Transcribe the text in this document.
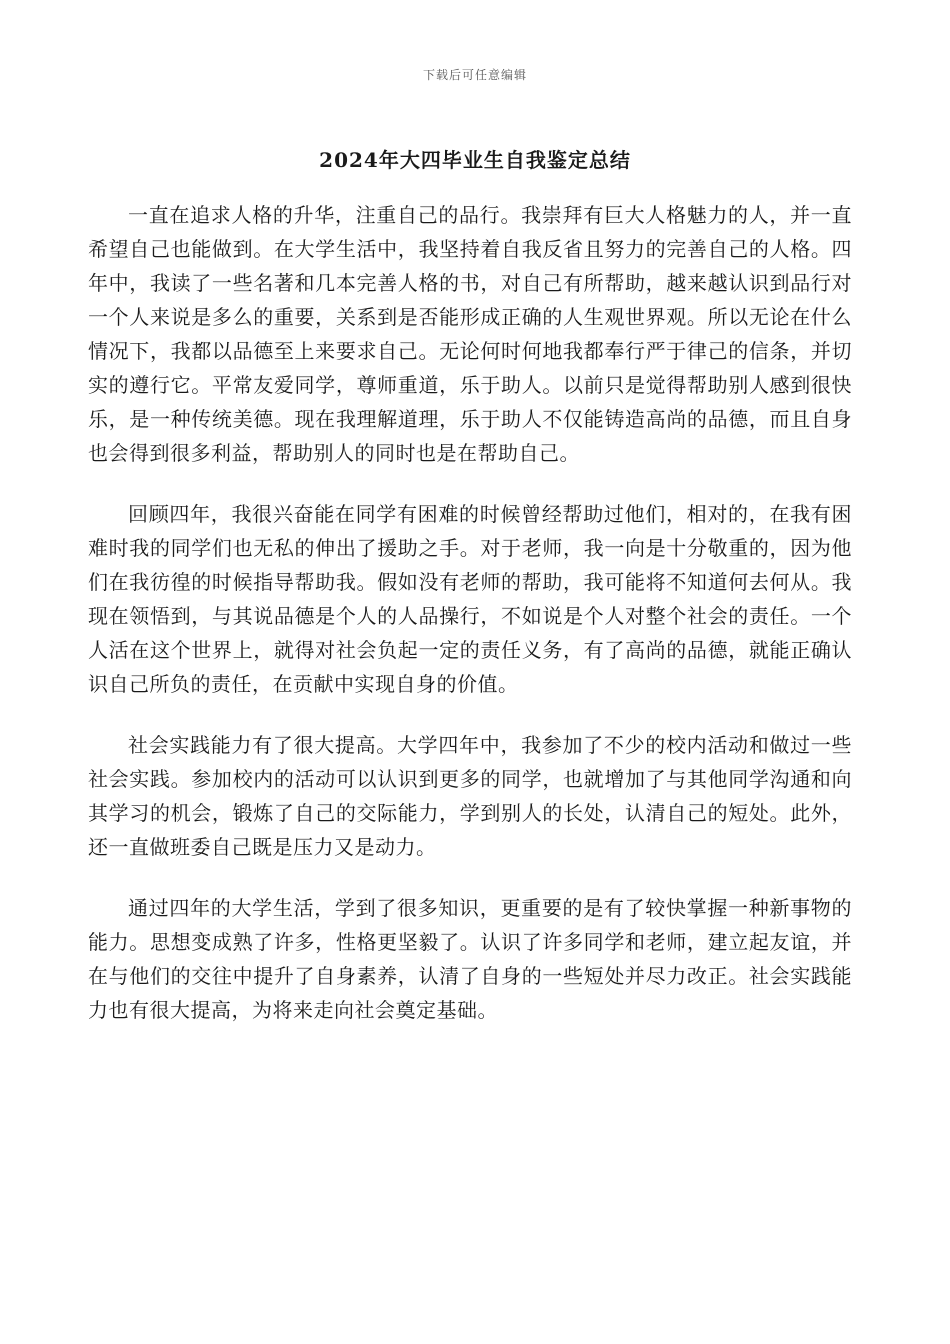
下载后可任意编辑
2024年大四毕业生自我鉴定总结

一直在追求人格的升华，注重自己的品行。我崇拜有巨大人格魅力的人，并一直希望自己也能做到。在大学生活中，我坚持着自我反省且努力的完善自己的人格。四年中，我读了一些名著和几本完善人格的书，对自己有所帮助，越来越认识到品行对一个人来说是多么的重要，关系到是否能形成正确的人生观世界观。所以无论在什么情况下，我都以品德至上来要求自己。无论何时何地我都奉行严于律己的信条，并切实的遵行它。平常友爱同学，尊师重道，乐于助人。以前只是觉得帮助别人感到很快乐，是一种传统美德。现在我理解道理，乐于助人不仅能铸造高尚的品德，而且自身也会得到很多利益，帮助别人的同时也是在帮助自己。

回顾四年，我很兴奋能在同学有困难的时候曾经帮助过他们，相对的，在我有困难时我的同学们也无私的伸出了援助之手。对于老师，我一向是十分敬重的，因为他们在我彷徨的时候指导帮助我。假如没有老师的帮助，我可能将不知道何去何从。我现在领悟到，与其说品德是个人的人品操行，不如说是个人对整个社会的责任。一个人活在这个世界上，就得对社会负起一定的责任义务，有了高尚的品德，就能正确认识自己所负的责任，在贡献中实现自身的价值。

社会实践能力有了很大提高。大学四年中，我参加了不少的校内活动和做过一些社会实践。参加校内的活动可以认识到更多的同学，也就增加了与其他同学沟通和向其学习的机会，锻炼了自己的交际能力，学到别人的长处，认清自己的短处。此外，还一直做班委自己既是压力又是动力。

通过四年的大学生活，学到了很多知识，更重要的是有了较快掌握一种新事物的能力。思想变成熟了许多，性格更坚毅了。认识了许多同学和老师，建立起友谊，并在与他们的交往中提升了自身素养，认清了自身的一些短处并尽力改正。社会实践能力也有很大提高，为将来走向社会奠定基础。
